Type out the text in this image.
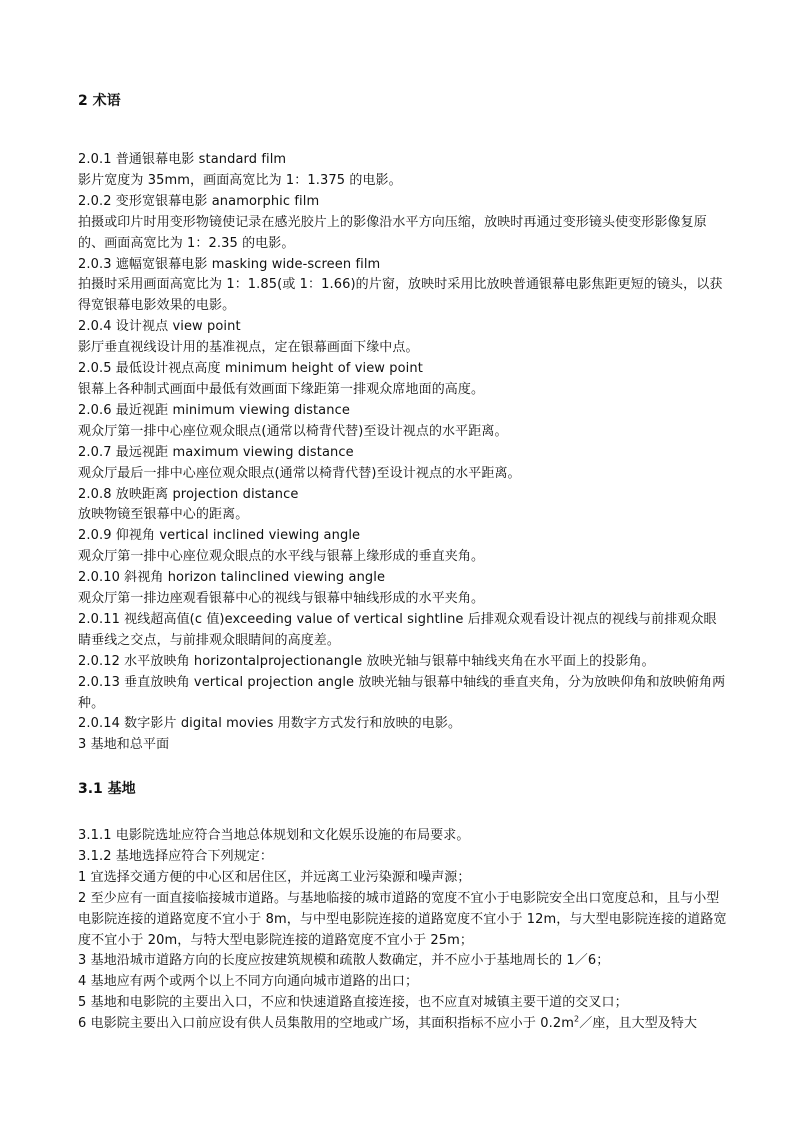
2 术语

2.0.1 普通银幕电影 standard film

影片宽度为 35mm，画面高宽比为 1：1.375 的电影。

2.0.2 变形宽银幕电影 anamorphic film

拍摄或印片时用变形物镜使记录在感光胶片上的影像沿水平方向压缩，放映时再通过变形镜头使变形影像复原的、画面高宽比为 1：2.35 的电影。

2.0.3 遮幅宽银幕电影 masking wide-screen film

拍摄时采用画面高宽比为 1：1.85(或 1：1.66)的片窗，放映时采用比放映普通银幕电影焦距更短的镜头，以获得宽银幕电影效果的电影。

2.0.4 设计视点 view point

影厅垂直视线设计用的基准视点，定在银幕画面下缘中点。

2.0.5 最低设计视点高度 minimum height of view point

银幕上各种制式画面中最低有效画面下缘距第一排观众席地面的高度。

2.0.6 最近视距 minimum viewing distance

观众厅第一排中心座位观众眼点(通常以椅背代替)至设计视点的水平距离。

2.0.7 最远视距 maximum viewing distance

观众厅最后一排中心座位观众眼点(通常以椅背代替)至设计视点的水平距离。

2.0.8 放映距离 projection distance

放映物镜至银幕中心的距离。

2.0.9 仰视角 vertical inclined viewing angle

观众厅第一排中心座位观众眼点的水平线与银幕上缘形成的垂直夹角。

2.0.10 斜视角 horizon talinclined viewing angle

观众厅第一排边座观看银幕中心的视线与银幕中轴线形成的水平夹角。

2.0.11 视线超高值(c 值)exceeding value of vertical sightline 后排观众观看设计视点的视线与前排观众眼睛垂线之交点，与前排观众眼睛间的高度差。

2.0.12 水平放映角 horizontalprojectionangle 放映光轴与银幕中轴线夹角在水平面上的投影角。

2.0.13 垂直放映角 vertical projection angle 放映光轴与银幕中轴线的垂直夹角，分为放映仰角和放映俯角两种。

2.0.14 数字影片 digital movies 用数字方式发行和放映的电影。

3 基地和总平面

3.1 基地

3.1.1 电影院选址应符合当地总体规划和文化娱乐设施的布局要求。

3.1.2 基地选择应符合下列规定：

1 宜选择交通方便的中心区和居住区，并远离工业污染源和噪声源；

2 至少应有一面直接临接城市道路。与基地临接的城市道路的宽度不宜小于电影院安全出口宽度总和，且与小型电影院连接的道路宽度不宜小于 8m，与中型电影院连接的道路宽度不宜小于 12m，与大型电影院连接的道路宽度不宜小于 20m，与特大型电影院连接的道路宽度不宜小于 25m；

3 基地沿城市道路方向的长度应按建筑规模和疏散人数确定，并不应小于基地周长的 1／6；

4 基地应有两个或两个以上不同方向通向城市道路的出口；

5 基地和电影院的主要出入口，不应和快速道路直接连接，也不应直对城镇主要干道的交叉口；

6 电影院主要出入口前应设有供人员集散用的空地或广场，其面积指标不应小于 $0.2m^2/$座，且大型及特大
